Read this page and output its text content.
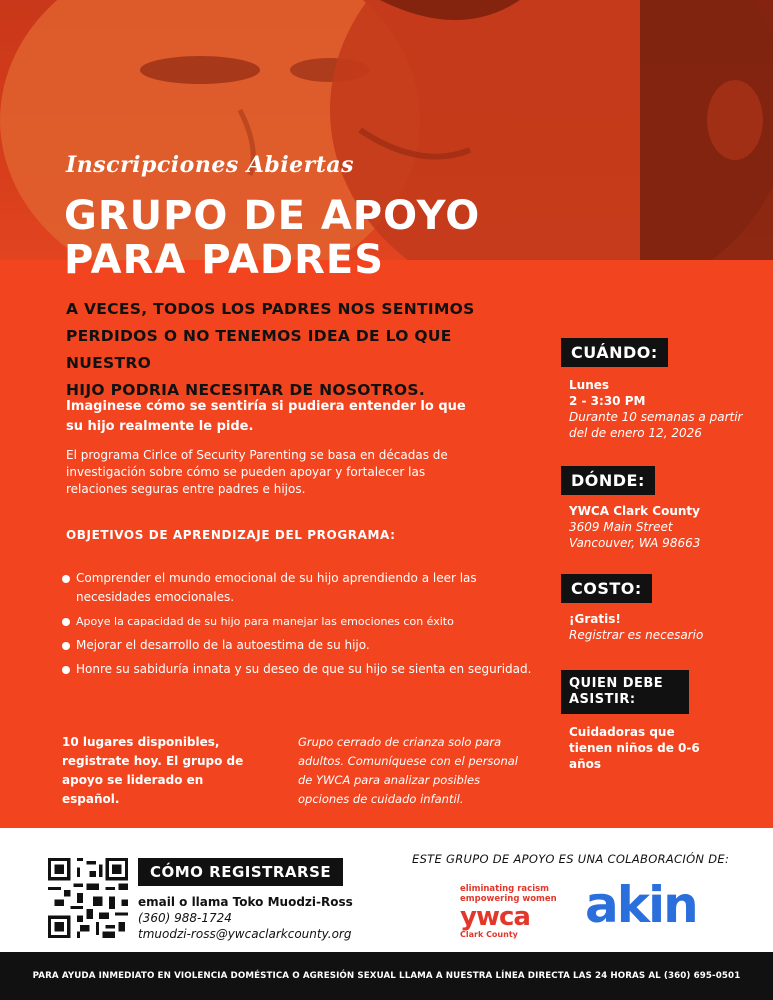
Inscripciones Abiertas
GRUPO DE APOYO
PARA PADRES
A VECES, TODOS LOS PADRES NOS SENTIMOS
PERDIDOS O NO TENEMOS IDEA DE LO QUE NUESTRO
HIJO PODRIA NECESITAR DE NOSOTROS.
Imaginese cómo se sentiría si pudiera entender lo que su hijo realmente le pide.
El programa Cirlce of Security Parenting se basa en décadas de investigación sobre cómo se pueden apoyar y fortalecer las relaciones seguras entre padres e hijos.
OBJETIVOS DE APRENDIZAJE DEL PROGRAMA:
Comprender el mundo emocional de su hijo aprendiendo a leer las necesidades emocionales.
Apoye la capacidad de su hijo para manejar las emociones con éxito
Mejorar el desarrollo de la autoestima de su hijo.
Honre su sabiduría innata y su deseo de que su hijo se sienta en seguridad.
10 lugares disponibles, registrate hoy. El grupo de apoyo se liderado en español.
Grupo cerrado de crianza solo para adultos. Comuníquese con el personal de YWCA para analizar posibles opciones de cuidado infantil.
CUÁNDO:
Lunes
2 - 3:30 PM
Durante 10 semanas a partir del de enero 12, 2026
DÓNDE:
YWCA Clark County
3609 Main Street
Vancouver, WA 98663
COSTO:
¡Gratis!
Registrar es necesario
QUIEN DEBE ASISTIR:
Cuidadoras que tienen niños de 0-6 años
CÓMO REGISTRARSE
email o llama Toko Muodzi-Ross
(360) 988-1724
tmuodzi-ross@ywcaclarkcounty.org
ESTE GRUPO DE APOYO ES UNA COLABORACIÓN DE:
eliminating racism
empowering women
ywca
Clark County
akin
PARA AYUDA INMEDIATO EN VIOLENCIA DOMÉSTICA O AGRESIÓN SEXUAL LLAMA A NUESTRA LÍNEA DIRECTA LAS 24 HORAS AL (360) 695-0501
